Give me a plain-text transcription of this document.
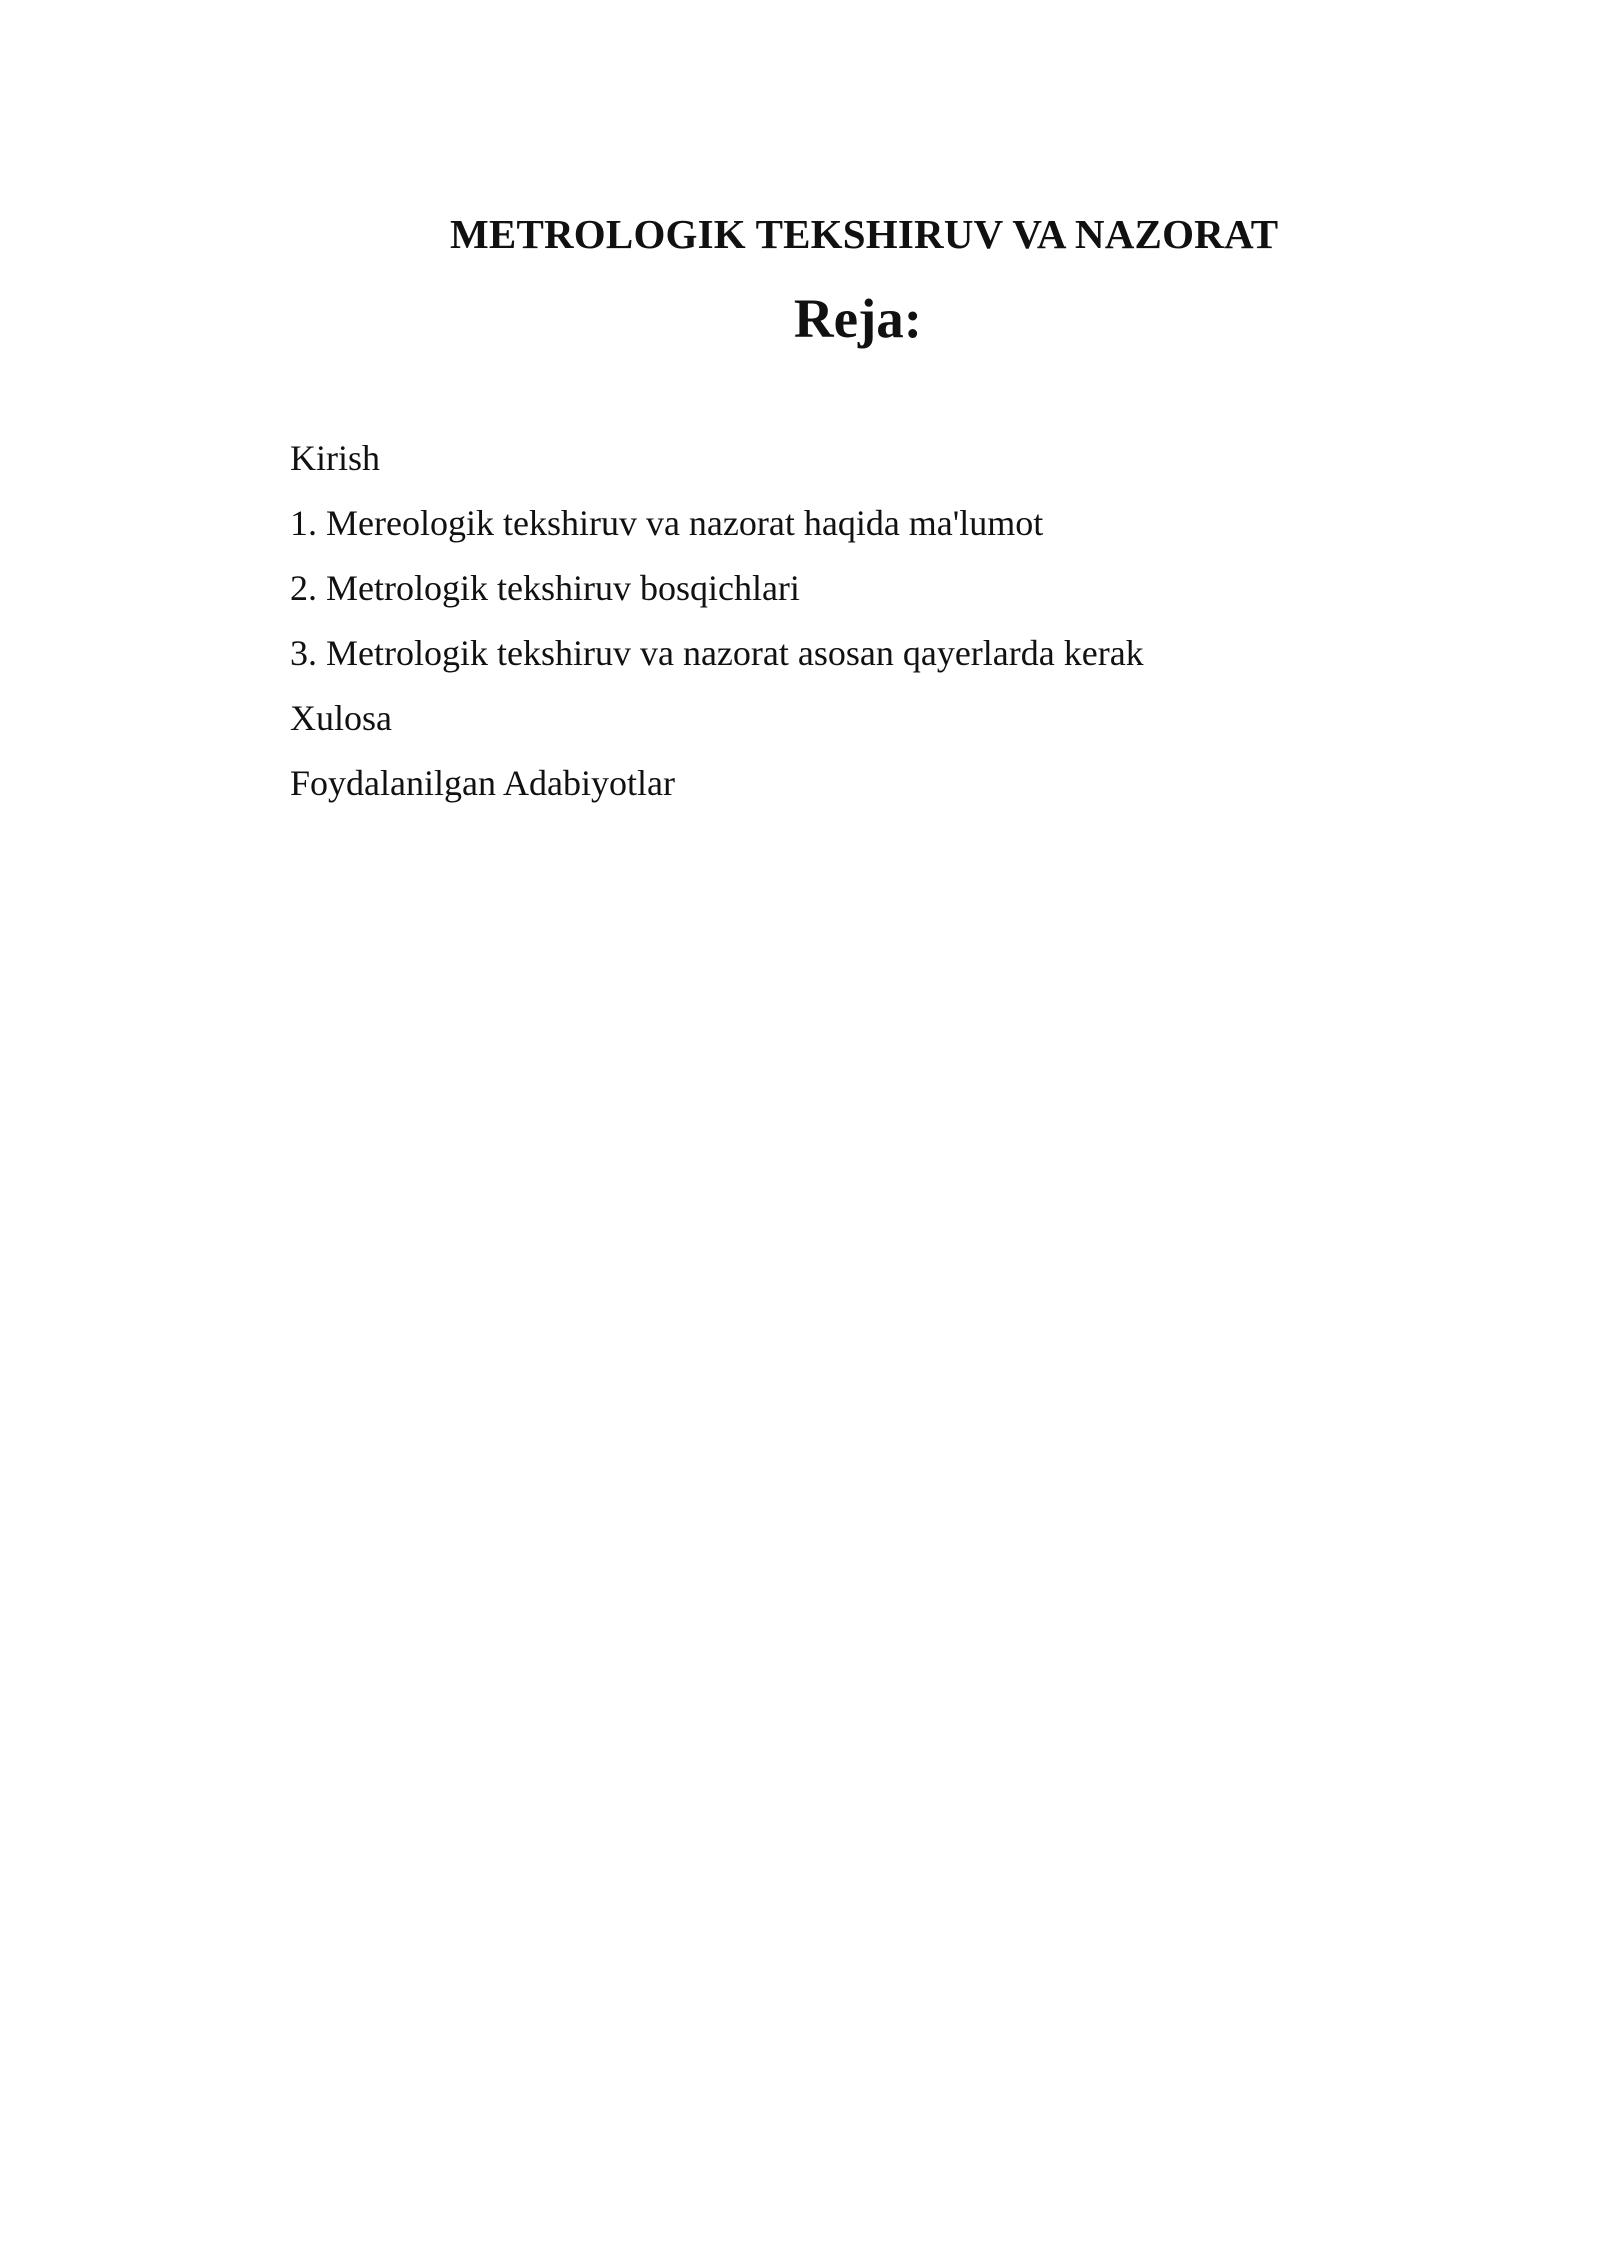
METROLOGIK TEKSHIRUV VA NAZORAT
Reja:
Kirish
1. Mereologik tekshiruv va nazorat haqida ma'lumot
2. Metrologik tekshiruv bosqichlari
3. Metrologik tekshiruv va nazorat asosan qayerlarda kerak
Xulosa
Foydalanilgan Adabiyotlar
